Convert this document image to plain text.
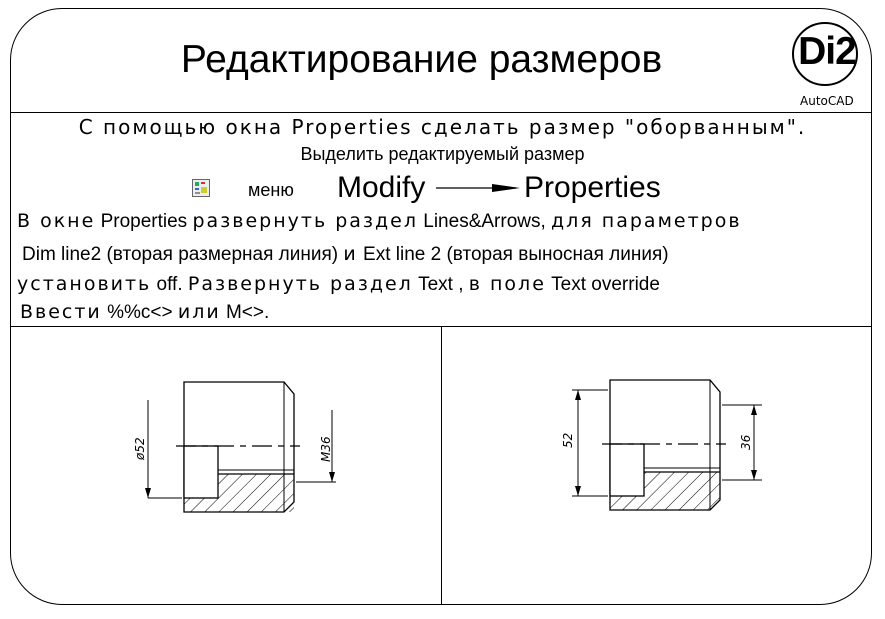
Редактирование размеров	Di2
AutoCAD
С помощью окна Properties сделать размер "оборванным".
Выделить редактируемый размер
меню Modify	Properties
В окне Properties развернуть раздел Lines&Arrows, для параметров
Dim line2 (вторая размерная линия) и Ext line 2 (вторая выносная линия)
установить off. Развернуть раздел Text , в поле Text override
Ввести %%c<> или M<>.
ø52	M36	52	36
